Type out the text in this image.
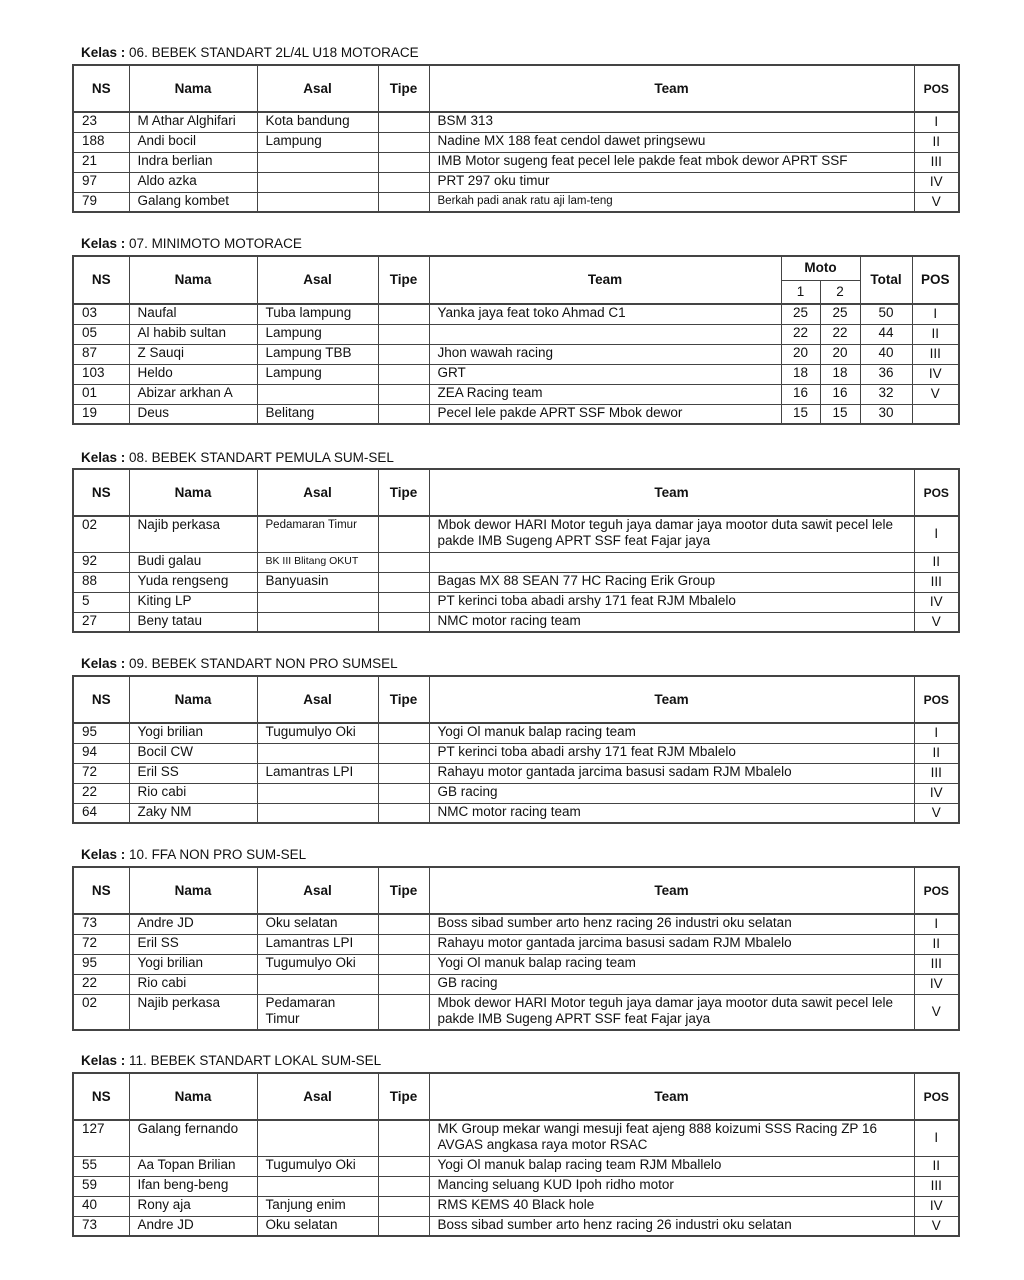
Kelas : 06. BEBEK STANDART 2L/4L U18 MOTORACE
NS	Nama	Asal	Tipe	Team	POS
23	M Athar Alghifari	Kota bandung		BSM 313	I
188	Andi bocil	Lampung		Nadine MX 188 feat cendol dawet pringsewu	II
21	Indra berlian			IMB Motor sugeng feat pecel lele pakde feat mbok dewor APRT SSF	III
97	Aldo azka			PRT 297 oku timur	IV
79	Galang kombet			Berkah padi anak ratu aji lam-teng	V
Kelas : 07. MINIMOTO MOTORACE
NS	Nama	Asal	Tipe	Team	Moto		Total	POS
					1	2		
03	Naufal	Tuba lampung		Yanka jaya feat toko Ahmad C1	25	25	50	I
05	Al habib sultan	Lampung			22	22	44	II
87	Z Sauqi	Lampung TBB		Jhon wawah racing	20	20	40	III
103	Heldo	Lampung		GRT	18	18	36	IV
01	Abizar arkhan A			ZEA Racing team	16	16	32	V
19	Deus	Belitang		Pecel lele pakde APRT SSF Mbok dewor	15	15	30	
Kelas : 08. BEBEK STANDART PEMULA SUM-SEL
NS	Nama	Asal	Tipe	Team	POS
02	Najib perkasa	Pedamaran Timur		Mbok dewor HARI Motor teguh jaya damar jaya mootor duta sawit pecel lele pakde IMB Sugeng APRT SSF feat Fajar jaya	I
92	Budi galau	BK III Blitang OKUT			II
88	Yuda rengseng	Banyuasin		Bagas MX 88 SEAN 77 HC Racing Erik Group	III
5	Kiting LP			PT kerinci toba abadi arshy 171 feat RJM Mbalelo	IV
27	Beny tatau			NMC motor racing team	V
Kelas : 09. BEBEK STANDART NON PRO SUMSEL
NS	Nama	Asal	Tipe	Team	POS
95	Yogi brilian	Tugumulyo Oki		Yogi Ol manuk balap racing team	I
94	Bocil CW			PT kerinci toba abadi arshy 171 feat RJM Mbalelo	II
72	Eril SS	Lamantras LPI		Rahayu motor gantada jarcima basusi sadam RJM Mbalelo	III
22	Rio cabi			GB racing	IV
64	Zaky NM			NMC motor racing team	V
Kelas : 10. FFA NON PRO SUM-SEL
NS	Nama	Asal	Tipe	Team	POS
73	Andre JD	Oku selatan		Boss sibad sumber arto henz racing 26 industri oku selatan	I
72	Eril SS	Lamantras LPI		Rahayu motor gantada jarcima basusi sadam RJM Mbalelo	II
95	Yogi brilian	Tugumulyo Oki		Yogi Ol manuk balap racing team	III
22	Rio cabi			GB racing	IV
02	Najib perkasa	Pedamaran Timur		Mbok dewor HARI Motor teguh jaya damar jaya mootor duta sawit pecel lele pakde IMB Sugeng APRT SSF feat Fajar jaya	V
Kelas : 11. BEBEK STANDART LOKAL SUM-SEL
NS	Nama	Asal	Tipe	Team	POS
127	Galang fernando			MK Group mekar wangi mesuji feat ajeng 888 koizumi SSS Racing ZP 16 AVGAS angkasa raya motor RSAC	I
55	Aa Topan Brilian	Tugumulyo Oki		Yogi Ol manuk balap racing team RJM Mballelo	II
59	Ifan beng-beng			Mancing seluang KUD Ipoh ridho motor	III
40	Rony aja	Tanjung enim		RMS KEMS 40 Black hole	IV
73	Andre JD	Oku selatan		Boss sibad sumber arto henz racing 26 industri oku selatan	V
